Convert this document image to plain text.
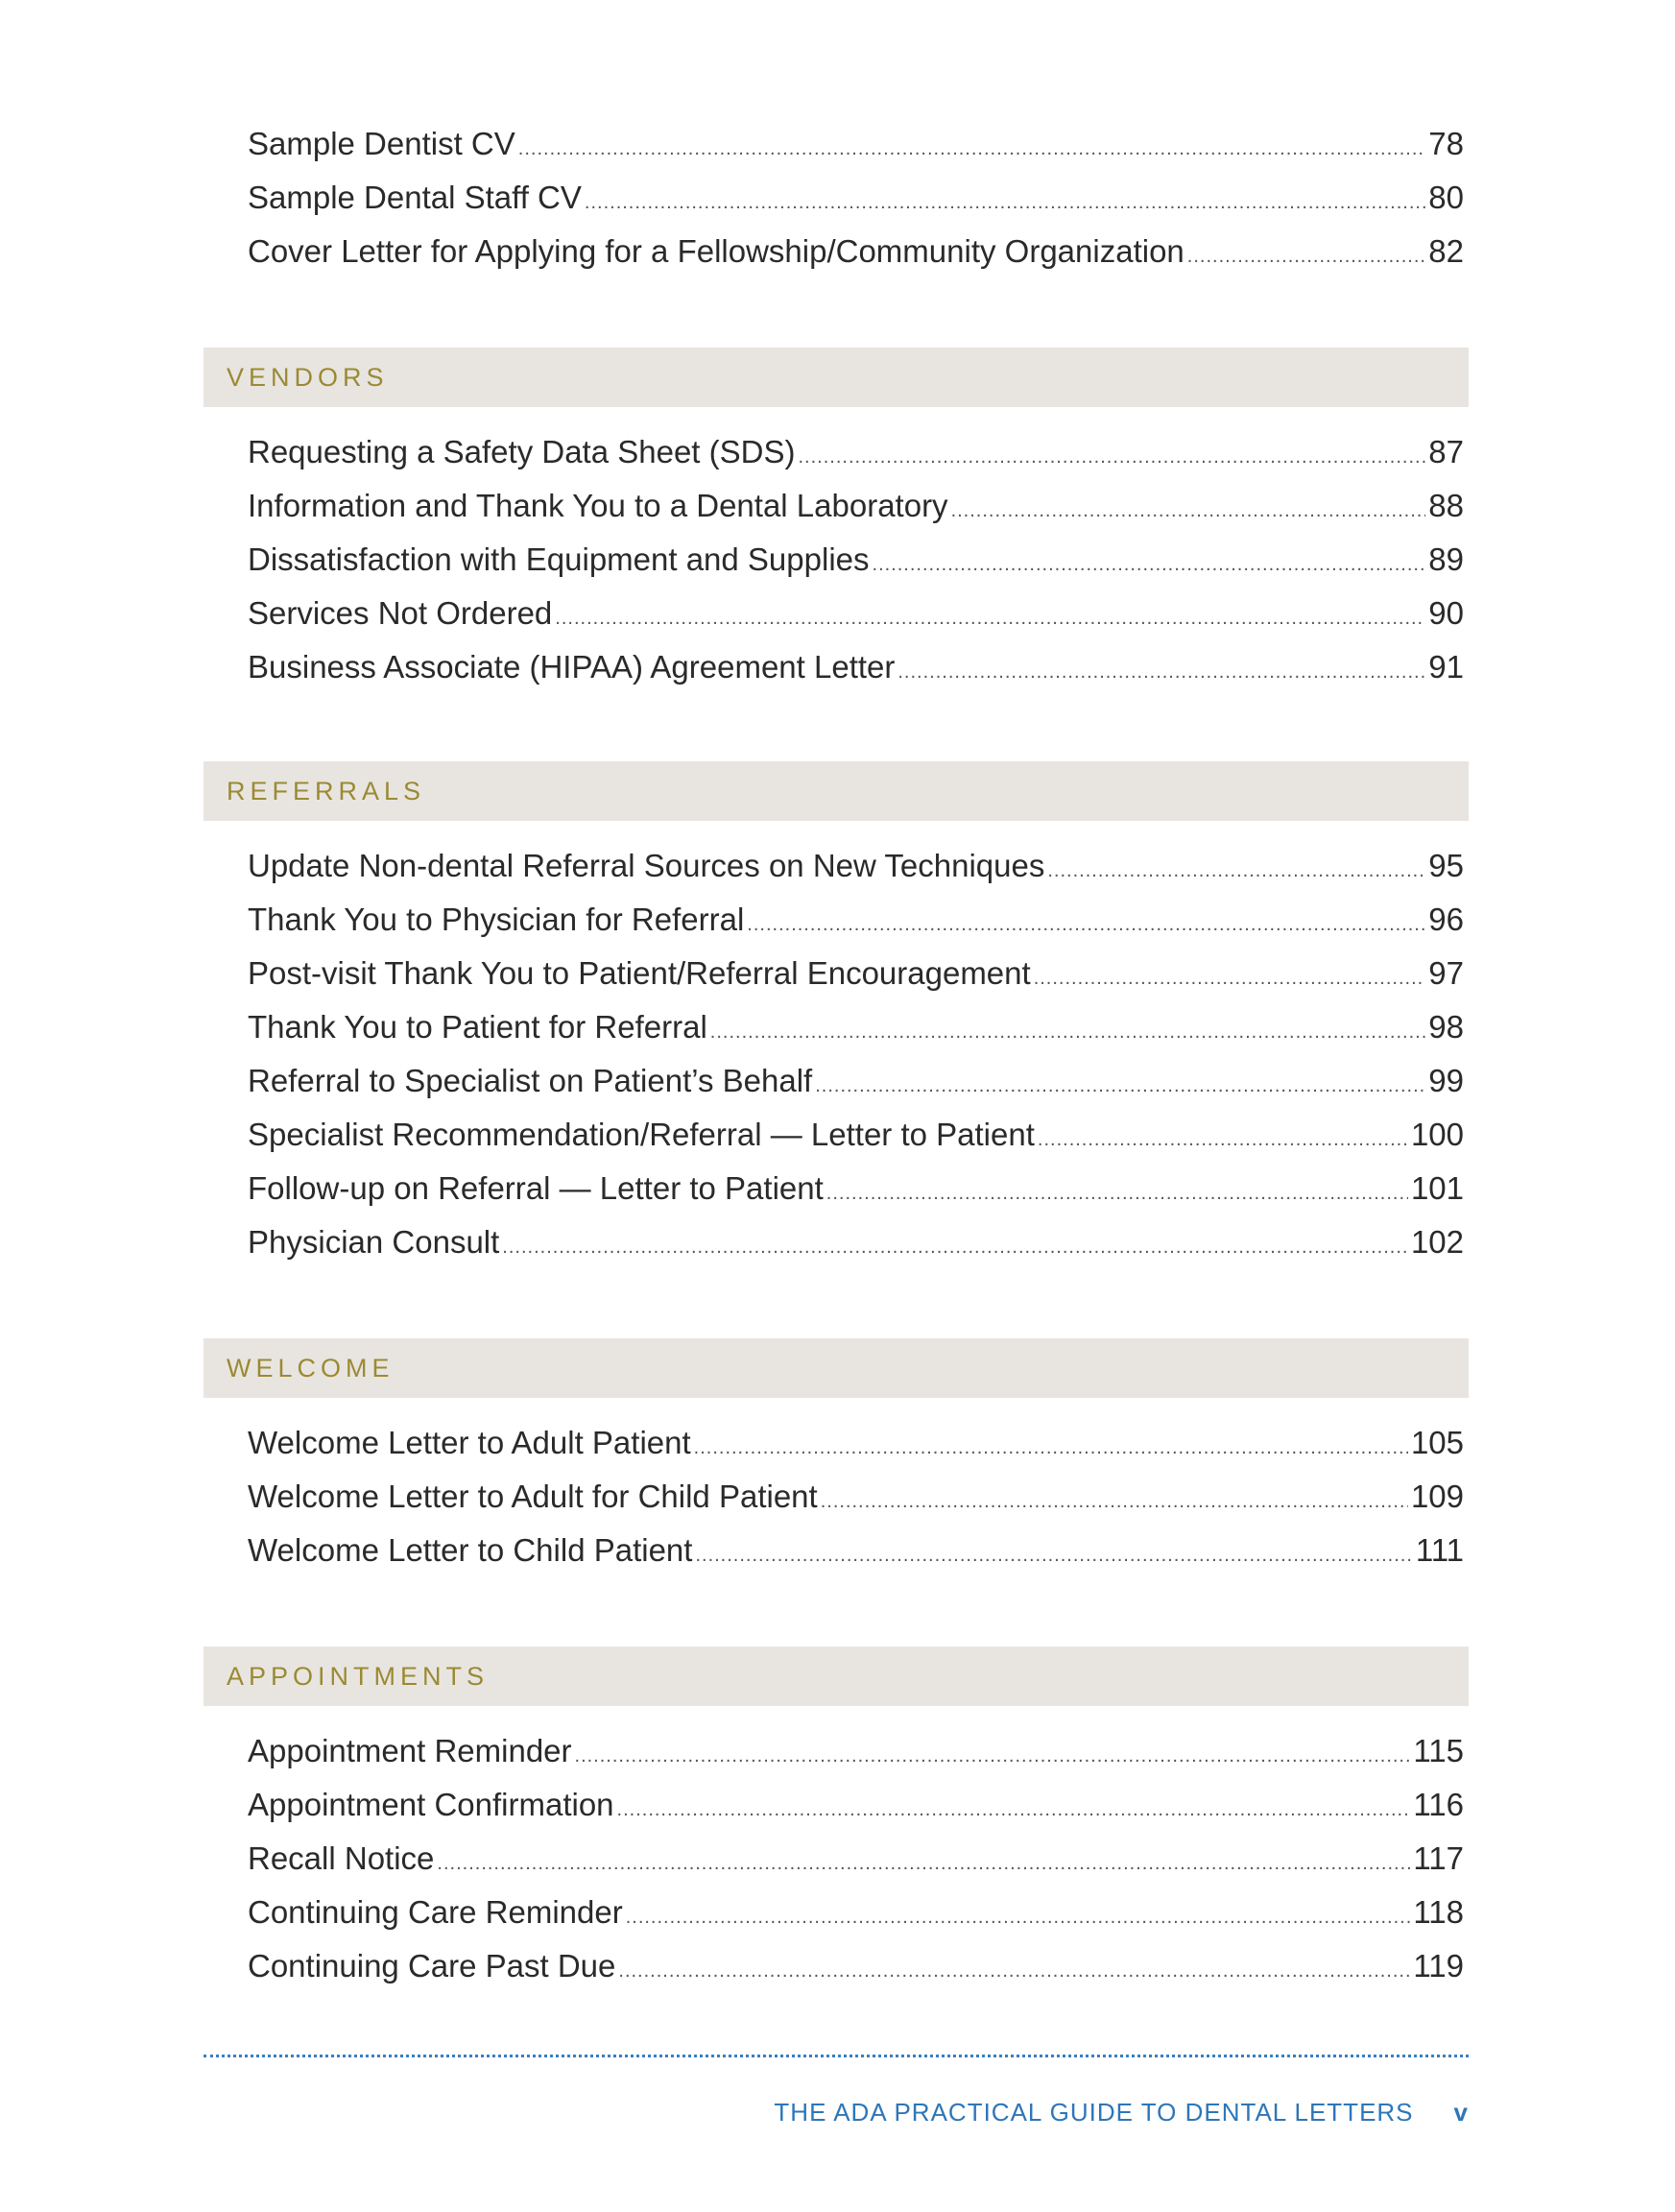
Sample Dentist CV .....	78
Sample Dental Staff CV .....	80
Cover Letter for Applying for a Fellowship/Community Organization .....	82
VENDORS
Requesting a Safety Data Sheet (SDS) .....	87
Information and Thank You to a Dental Laboratory .....	88
Dissatisfaction with Equipment and Supplies .....	89
Services Not Ordered .....	90
Business Associate (HIPAA) Agreement Letter .....	91
REFERRALS
Update Non-dental Referral Sources on New Techniques .....	95
Thank You to Physician for Referral .....	96
Post-visit Thank You to Patient/Referral Encouragement .....	97
Thank You to Patient for Referral .....	98
Referral to Specialist on Patient’s Behalf .....	99
Specialist Recommendation/Referral — Letter to Patient .....	100
Follow-up on Referral — Letter to Patient .....	101
Physician Consult .....	102
WELCOME
Welcome Letter to Adult Patient .....	105
Welcome Letter to Adult for Child Patient .....	109
Welcome Letter to Child Patient .....	111
APPOINTMENTS
Appointment Reminder .....	115
Appointment Confirmation .....	116
Recall Notice .....	117
Continuing Care Reminder .....	118
Continuing Care Past Due .....	119
THE ADA PRACTICAL GUIDE TO DENTAL LETTERS v
